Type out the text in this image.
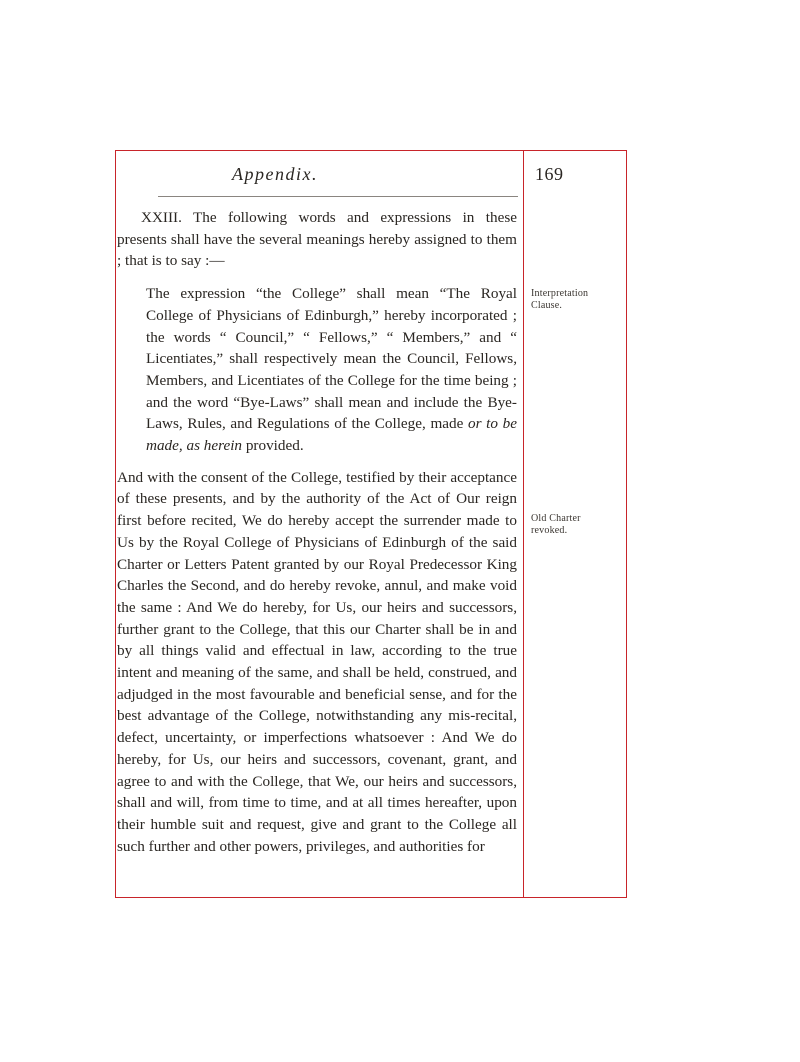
Appendix.	169

XXIII. The following words and expressions in these presents shall have the several meanings hereby assigned to them ; that is to say :—

The expression “the College” shall mean “The Royal College of Physicians of Edinburgh,” hereby incorporated ; the words “ Council,” “ Fellows,” “ Members,” and “ Licentiates,” shall respectively mean the Council, Fellows, Members, and Licentiates of the College for the time being ; and the word “Bye-Laws” shall mean and include the Bye-Laws, Rules, and Regulations of the College, made or to be made, as herein provided.

And with the consent of the College, testified by their acceptance of these presents, and by the authority of the Act of Our reign first before recited, We do hereby accept the surrender made to Us by the Royal College of Physicians of Edinburgh of the said Charter or Letters Patent granted by our Royal Predecessor King Charles the Second, and do hereby revoke, annul, and make void the same : And We do hereby, for Us, our heirs and successors, further grant to the College, that this our Charter shall be in and by all things valid and effectual in law, according to the true intent and meaning of the same, and shall be held, construed, and adjudged in the most favourable and beneficial sense, and for the best advantage of the College, notwithstanding any mis-recital, defect, uncertainty, or imperfections whatsoever : And We do hereby, for Us, our heirs and successors, covenant, grant, and agree to and with the College, that We, our heirs and successors, shall and will, from time to time, and at all times hereafter, upon their humble suit and request, give and grant to the College all such further and other powers, privileges, and authorities for

Interpretation Clause.
Old Charter revoked.
